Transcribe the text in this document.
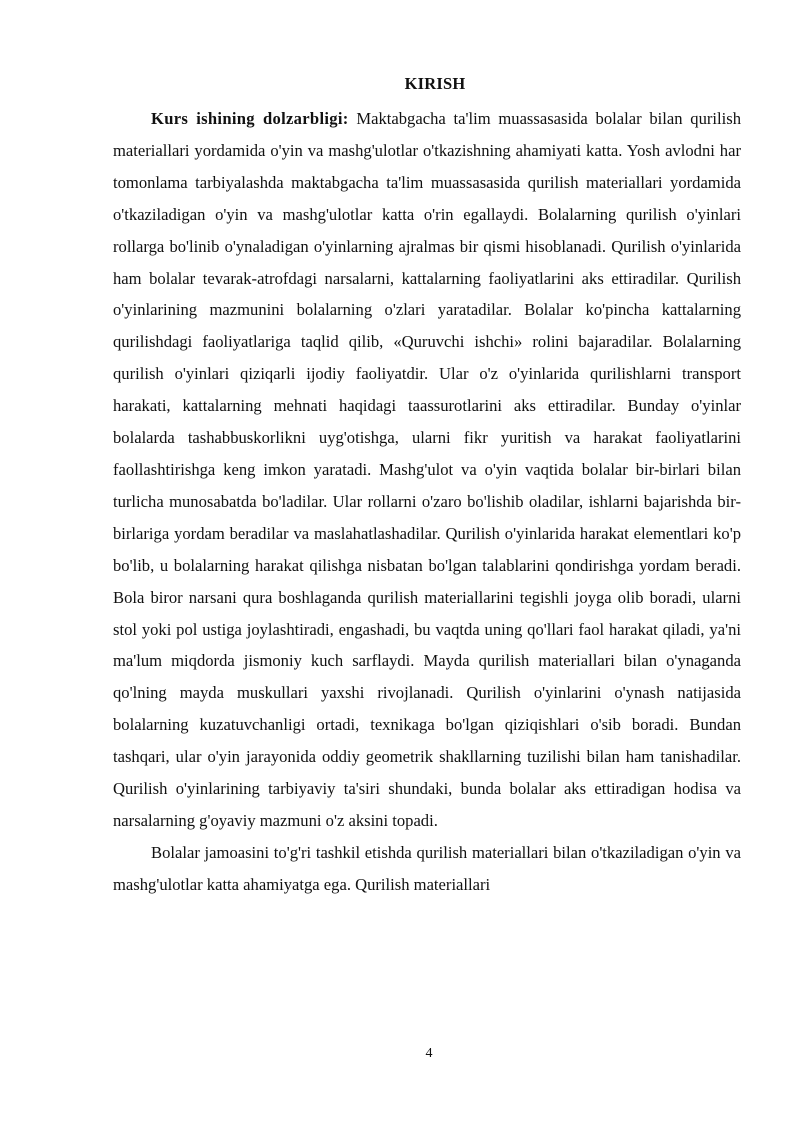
KIRISH

Kurs ishining dolzarbligi: Maktabgacha ta'lim muassasasida bolalar bilan qurilish materiallari yordamida o'yin va mashg'ulotlar o'tkazishning ahamiyati katta. Yosh avlodni har tomonlama tarbiyalashda maktabgacha ta'lim muassasasida qurilish materiallari yordamida o'tkaziladigan o'yin va mashg'ulotlar katta o'rin egallaydi. Bolalarning qurilish o'yinlari rollarga bo'linib o'ynaladigan o'yinlarning ajralmas bir qismi hisoblanadi. Qurilish o'yinlarida ham bolalar tevarak-atrofdagi narsalarni, kattalarning faoliyatlarini aks ettiradilar. Qurilish o'yinlarining mazmunini bolalarning o'zlari yaratadilar. Bolalar ko'pincha kattalarning qurilishdagi faoliyatlariga taqlid qilib, «Quruvchi ishchi» rolini bajaradilar. Bolalarning qurilish o'yinlari qiziqarli ijodiy faoliyatdir. Ular o'z o'yinlarida qurilishlarni transport harakati, kattalarning mehnati haqidagi taassurotlarini aks ettiradilar. Bunday o'yinlar bolalarda tashabbuskorlikni uyg'otishga, ularni fikr yuritish va harakat faoliyatlarini faollashtirishga keng imkon yaratadi. Mashg'ulot va o'yin vaqtida bolalar bir-birlari bilan turlicha munosabatda bo'ladilar. Ular rollarni o'zaro bo'lishib oladilar, ishlarni bajarishda bir-birlariga yordam beradilar va maslahatlashadilar. Qurilish o'yinlarida harakat elementlari ko'p bo'lib, u bolalarning harakat qilishga nisbatan bo'lgan talablarini qondirishga yordam beradi. Bola biror narsani qura boshlaganda qurilish materiallarini tegishli joyga olib boradi, ularni stol yoki pol ustiga joylashtiradi, engashadi, bu vaqtda uning qo'llari faol harakat qiladi, ya'ni ma'lum miqdorda jismoniy kuch sarflaydi. Mayda qurilish materiallari bilan o'ynaganda qo'lning mayda muskullari yaxshi rivojlanadi. Qurilish o'yinlarini o'ynash natijasida bolalarning kuzatuvchanligi ortadi, texnikaga bo'lgan qiziqishlari o'sib boradi. Bundan tashqari, ular o'yin jarayonida oddiy geometrik shakllarning tuzilishi bilan ham tanishadilar. Qurilish o'yinlarining tarbiyaviy ta'siri shundaki, bunda bolalar aks ettiradigan hodisa va narsalarning g'oyaviy mazmuni o'z aksini topadi.

Bolalar jamoasini to'g'ri tashkil etishda qurilish materiallari bilan o'tkaziladigan o'yin va mashg'ulotlar katta ahamiyatga ega. Qurilish materiallari

4
